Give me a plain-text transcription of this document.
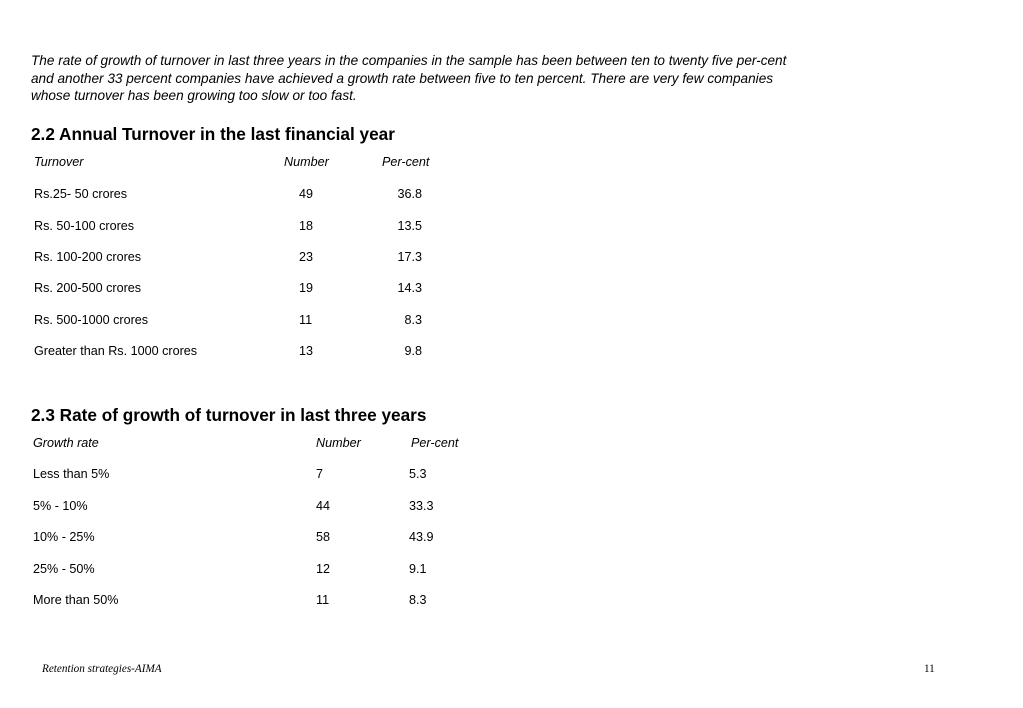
The rate of growth of turnover in last three years in the companies in the sample has been between ten to twenty five per-cent
and another 33 percent companies have achieved a growth rate between five to ten percent. There are very few companies
whose turnover has been growing too slow or too fast.
2.2 Annual Turnover in the last financial year
Turnover	Number	Per-cent
Rs.25- 50 crores	49	36.8
Rs. 50-100 crores	18	13.5
Rs. 100-200 crores	23	17.3
Rs. 200-500 crores	19	14.3
Rs. 500-1000 crores	11	8.3
Greater than Rs. 1000 crores	13	9.8
2.3 Rate of growth of turnover in last three years
Growth rate	Number	Per-cent
Less than 5%	7	5.3
5% - 10%	44	33.3
10% - 25%	58	43.9
25% - 50%	12	9.1
More than 50%	11	8.3
Retention strategies-AIMA	11
